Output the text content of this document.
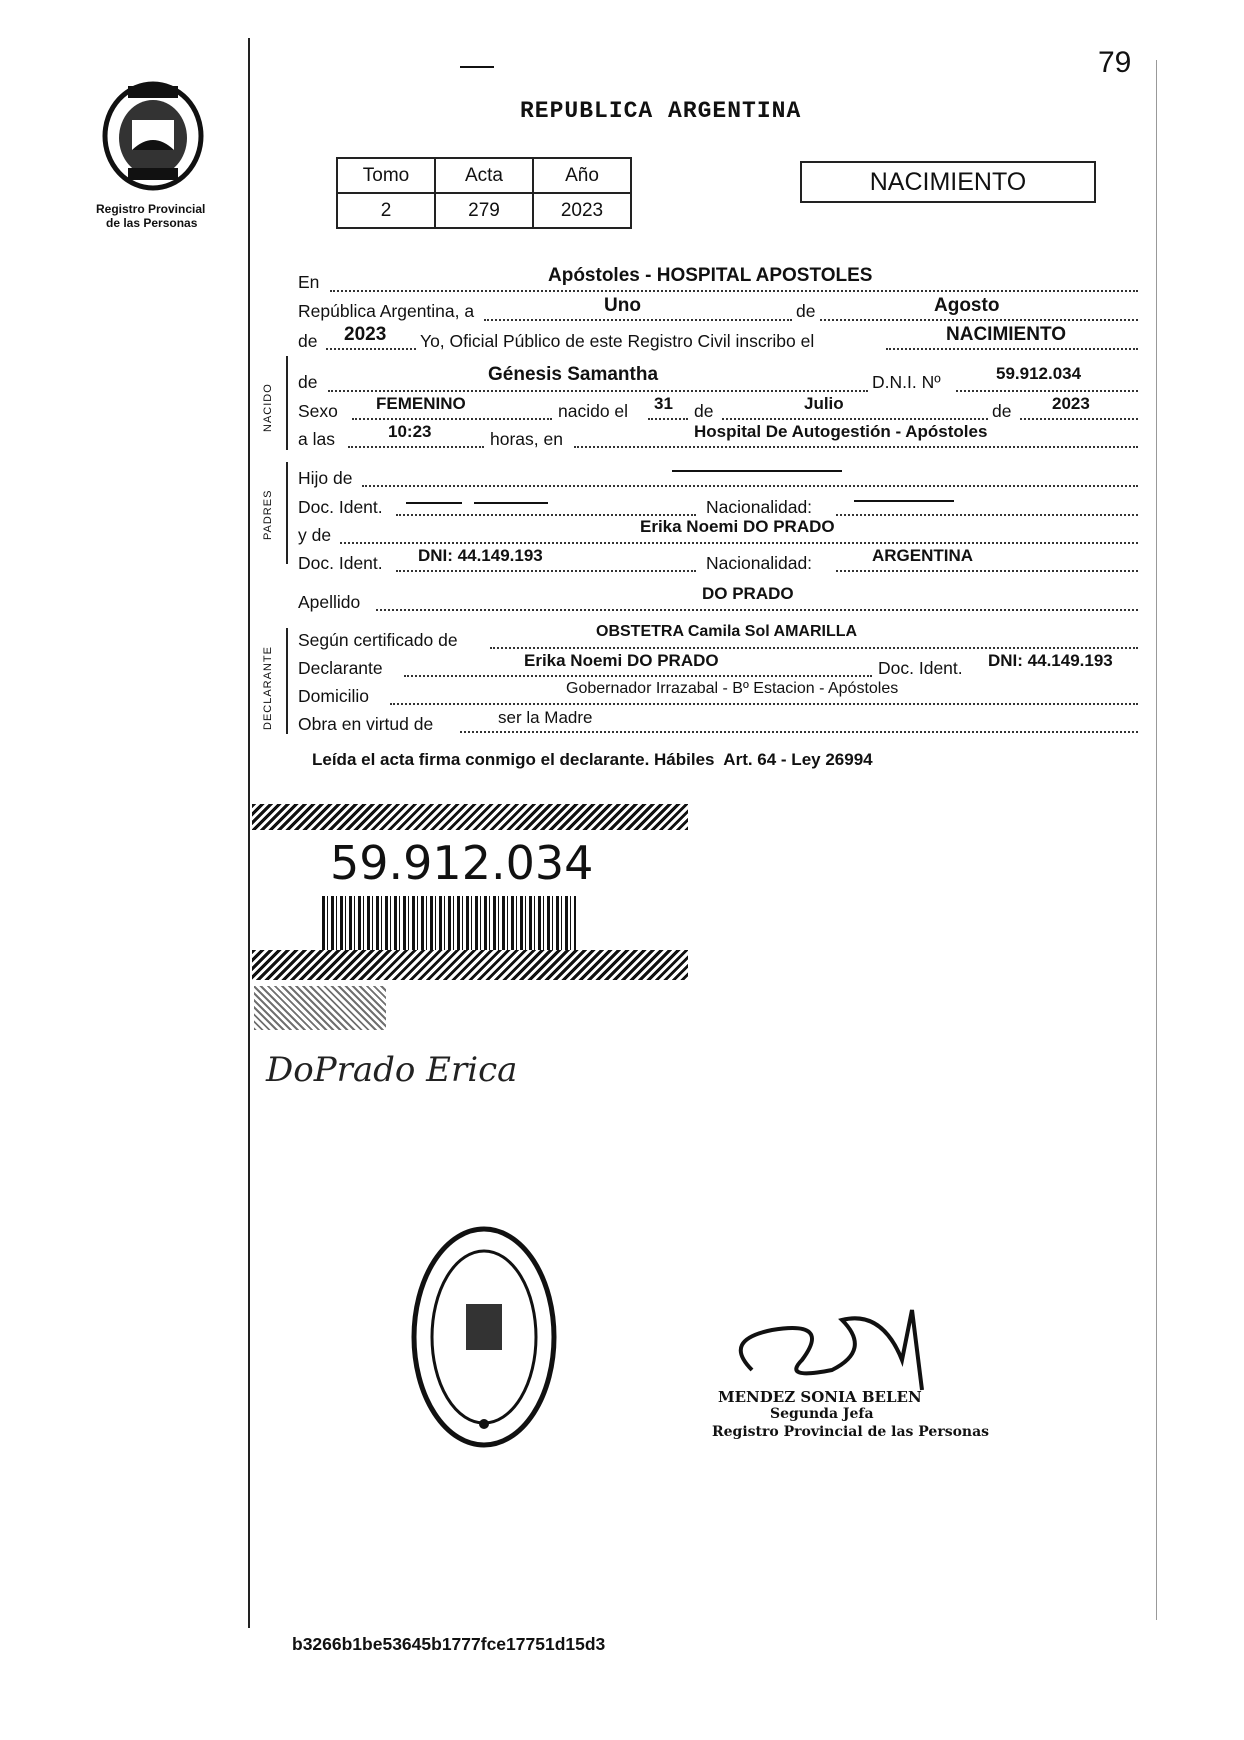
79
Registro Provincial
de las Personas
REPUBLICA ARGENTINA
Tomo	Acta	Año
2	279	2023
NACIMIENTO
En	Apóstoles - HOSPITAL APOSTOLES
República Argentina, a	Uno	de	Agosto
de 2023 Yo, Oficial Público de este Registro Civil inscribo el	NACIMIENTO
NACIDO
de	Génesis Samantha	D.N.I. Nº	59.912.034
Sexo FEMENINO	nacido el 31 de	Julio	de 2023
a las	10:23	horas, en	Hospital De Autogestión - Apóstoles
PADRES
Hijo de
Doc. Ident.	Nacionalidad:
y de	Erika Noemi DO PRADO
Doc. Ident. DNI: 44.149.193	Nacionalidad:	ARGENTINA
Apellido	DO PRADO
DECLARANTE
Según certificado de	OBSTETRA Camila Sol AMARILLA
Declarante	Erika Noemi DO PRADO	Doc. Ident. DNI: 44.149.193
Domicilio	Gobernador Irrazabal - Bº Estacion - Apóstoles
Obra en virtud de	ser la Madre
Leída el acta firma conmigo el declarante. Hábiles  Art. 64 - Ley 26994
59.912.034
DoPrado Erica
MENDEZ SONIA BELEN
Segunda Jefa
Registro Provincial de las Personas
b3266b1be53645b1777fce17751d15d3
